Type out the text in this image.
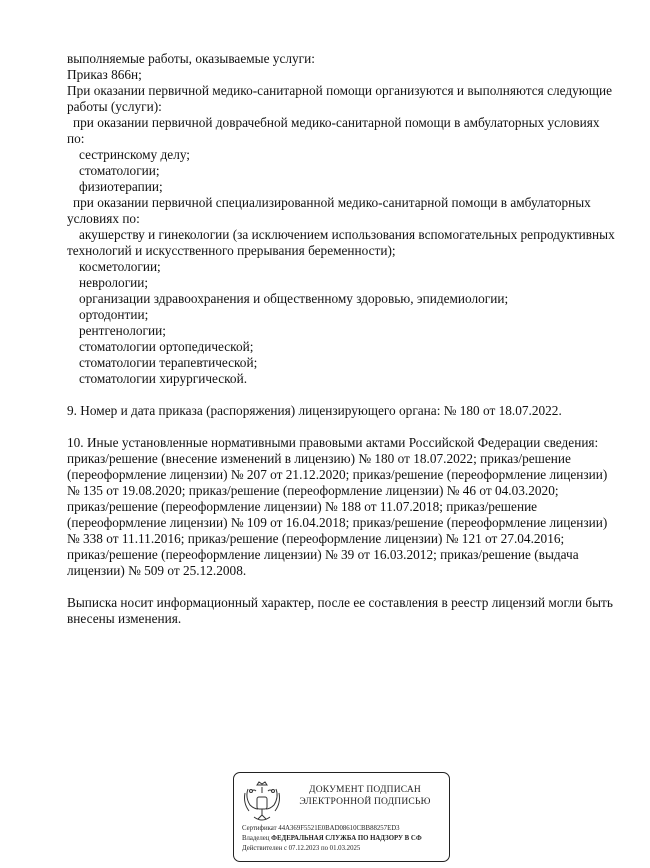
выполняемые работы, оказываемые услуги:
Приказ 866н;
При оказании первичной медико-санитарной помощи организуются и выполняются следующие
работы (услуги):
при оказании первичной доврачебной медико-санитарной помощи в амбулаторных условиях
по:
сестринскому делу;
стоматологии;
физиотерапии;
при оказании первичной специализированной медико-санитарной помощи в амбулаторных
условиях по:
акушерству и гинекологии (за исключением использования вспомогательных репродуктивных
технологий и искусственного прерывания беременности);
косметологии;
неврологии;
организации здравоохранения и общественному здоровью, эпидемиологии;
ортодонтии;
рентгенологии;
стоматологии ортопедической;
стоматологии терапевтической;
стоматологии хирургической.
9. Номер и дата приказа (распоряжения) лицензирующего органа: № 180 от 18.07.2022.
10. Иные установленные нормативными правовыми актами Российской Федерации сведения:
приказ/решение (внесение изменений в лицензию) № 180 от 18.07.2022; приказ/решение
(переоформление лицензии) № 207 от 21.12.2020; приказ/решение (переоформление лицензии)
№ 135 от 19.08.2020; приказ/решение (переоформление лицензии) № 46 от 04.03.2020;
приказ/решение (переоформление лицензии) № 188 от 11.07.2018; приказ/решение
(переоформление лицензии) № 109 от 16.04.2018; приказ/решение (переоформление лицензии)
№ 338 от 11.11.2016; приказ/решение (переоформление лицензии) № 121 от 27.04.2016;
приказ/решение (переоформление лицензии) № 39 от 16.03.2012; приказ/решение (выдача
лицензии) № 509 от 25.12.2008.
Выписка носит информационный характер, после ее составления в реестр лицензий могли быть
внесены изменения.
ДОКУМЕНТ ПОДПИСАН
ЭЛЕКТРОННОЙ ПОДПИСЬЮ
Сертификат 44A369F5521E0BAD08610CBB88257ED3
Владелец ФЕДЕРАЛЬНАЯ СЛУЖБА ПО НАДЗОРУ В СФ
Действителен с 07.12.2023 по 01.03.2025
